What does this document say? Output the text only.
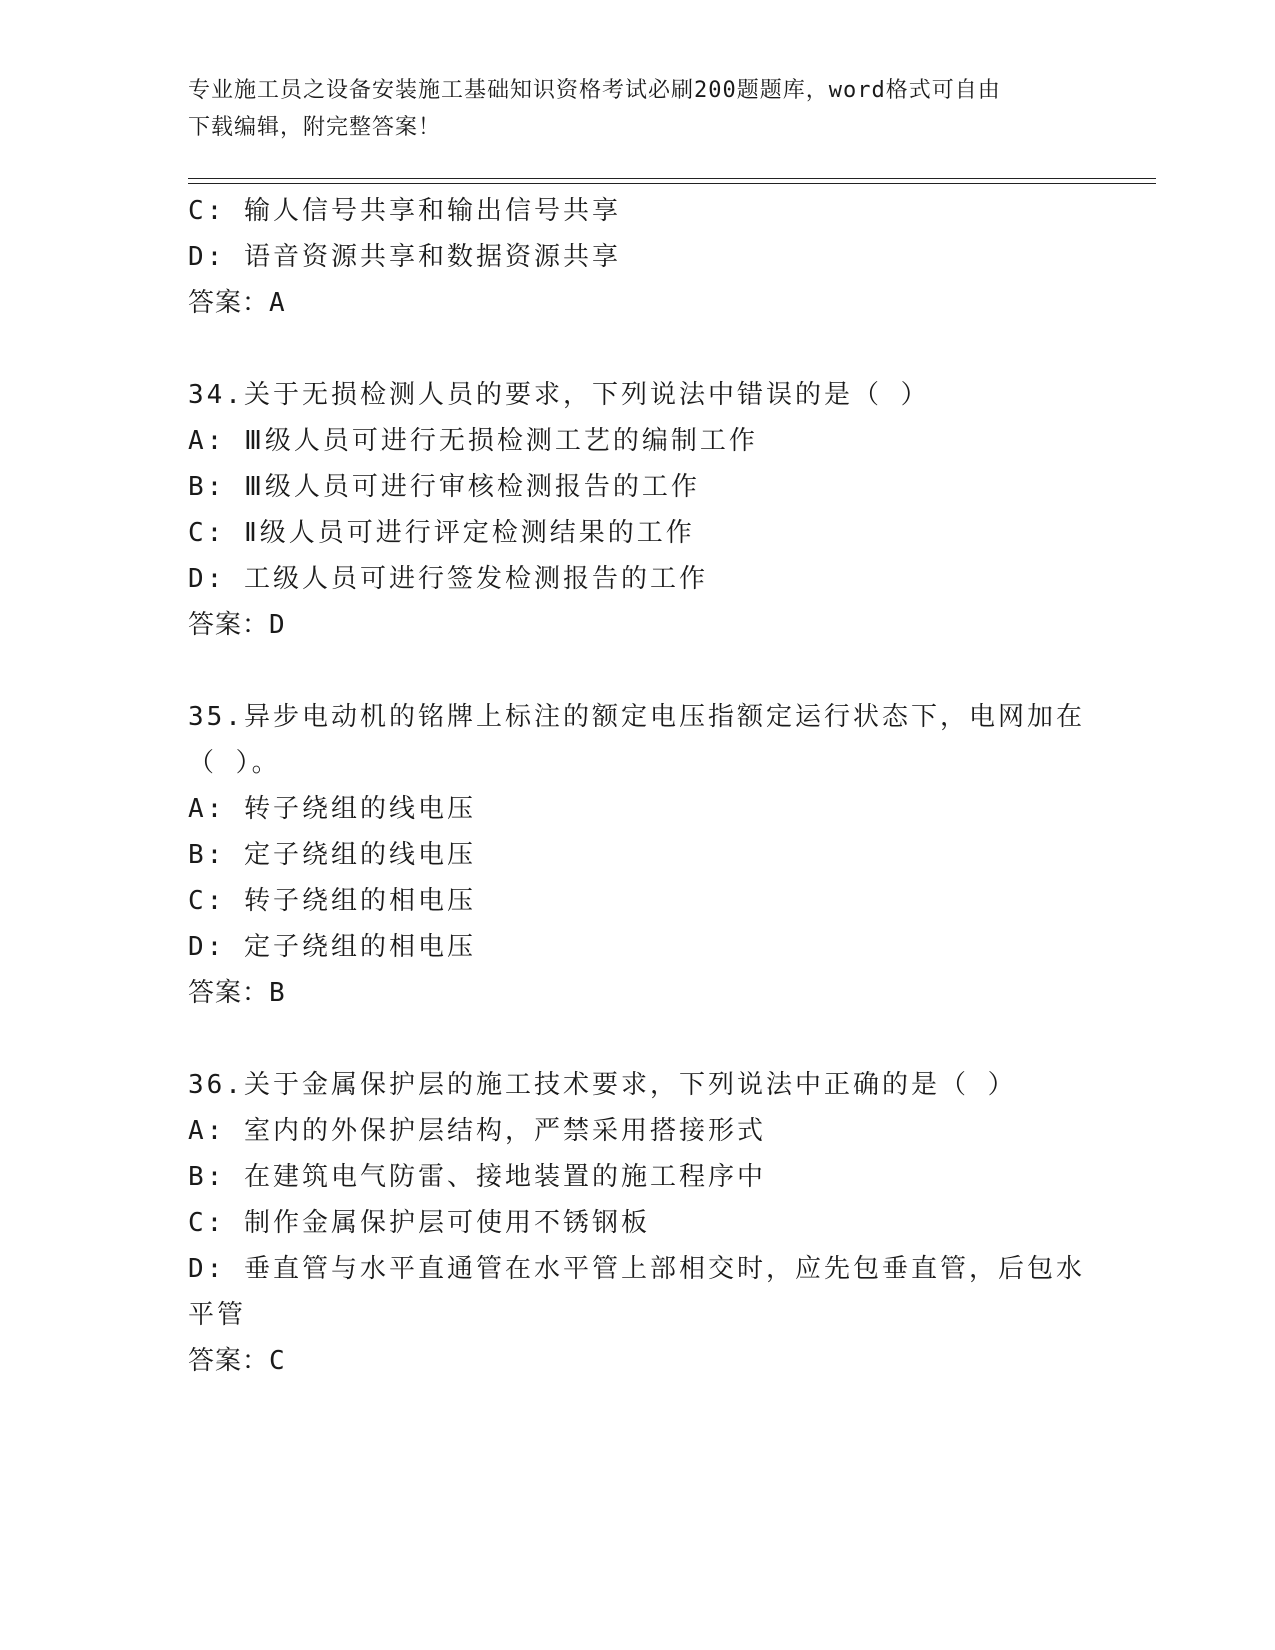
专业施工员之设备安装施工基础知识资格考试必刷200题题库，word格式可自由
下载编辑，附完整答案！
C: 输人信号共享和输出信号共享
D: 语音资源共享和数据资源共享
答案：A
34.关于无损检测人员的要求，下列说法中错误的是（ ）
A: Ⅲ级人员可进行无损检测工艺的编制工作
B: Ⅲ级人员可进行审核检测报告的工作
C: Ⅱ级人员可进行评定检测结果的工作
D: 工级人员可进行签发检测报告的工作
答案：D
35.异步电动机的铭牌上标注的额定电压指额定运行状态下，电网加在（ ）。
A: 转子绕组的线电压
B: 定子绕组的线电压
C: 转子绕组的相电压
D: 定子绕组的相电压
答案：B
36.关于金属保护层的施工技术要求，下列说法中正确的是（ ）
A: 室内的外保护层结构，严禁采用搭接形式
B: 在建筑电气防雷、接地装置的施工程序中
C: 制作金属保护层可使用不锈钢板
D: 垂直管与水平直通管在水平管上部相交时，应先包垂直管，后包水平管
答案：C
